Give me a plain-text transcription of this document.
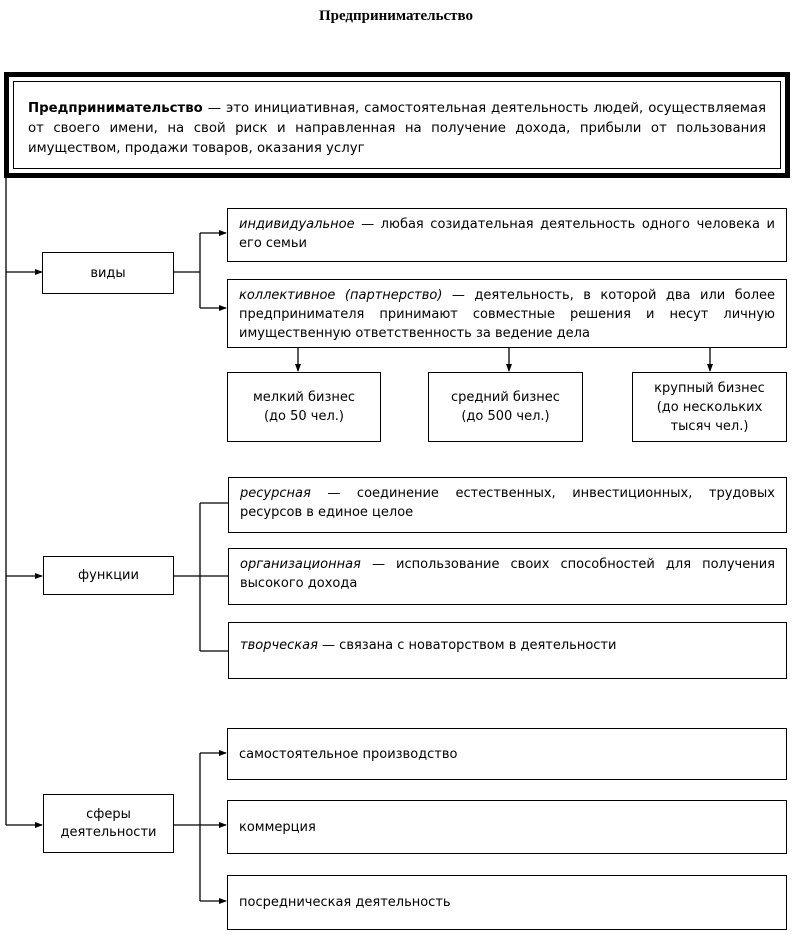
Предпринимательство
Предпринимательство — это инициативная, самостоятельная деятельность людей, осуществляемая от своего имени, на свой риск и направленная на получение дохода, прибыли от пользования имуществом, продажи товаров, оказания услуг
виды
индивидуальное — любая созидательная деятельность одного человека и его семьи
коллективное (партнерство) — деятельность, в которой два или более предпринимателя принимают совместные решения и несут личную имущественную ответственность за ведение дела
мелкий бизнес
(до 50 чел.)
средний бизнес
(до 500 чел.)
крупный бизнес
(до нескольких тысяч чел.)
функции
ресурсная — соединение естественных, инвестиционных, трудовых ресурсов в единое целое
организационная — использование своих способностей для получения высокого дохода
творческая — связана с новаторством в деятельности
сферы деятельности
самостоятельное производство
коммерция
посредническая деятельность
